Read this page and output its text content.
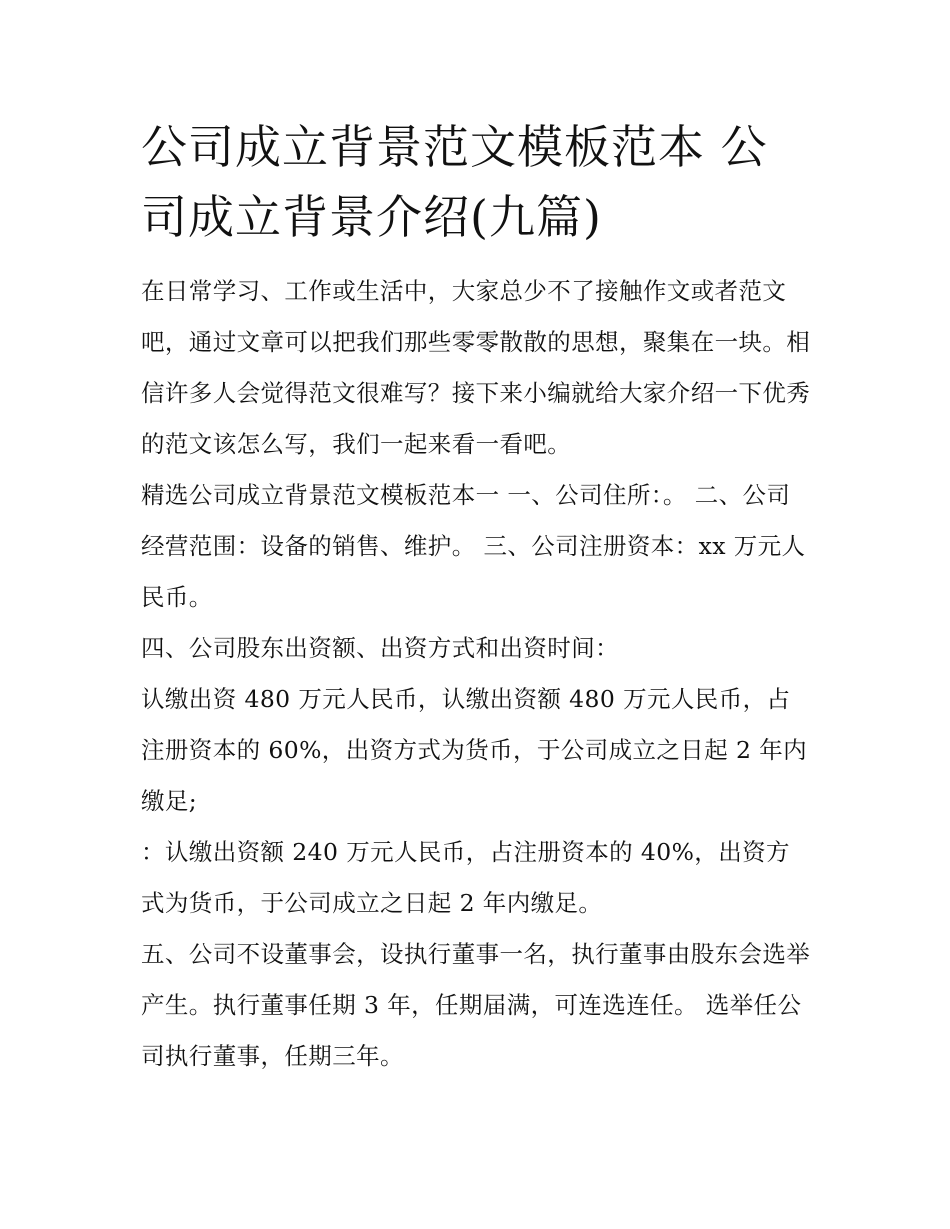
公司成立背景范文模板范本 公司成立背景介绍(九篇)

在日常学习、工作或生活中，大家总少不了接触作文或者范文吧，通过文章可以把我们那些零零散散的思想，聚集在一块。相信许多人会觉得范文很难写？接下来小编就给大家介绍一下优秀的范文该怎么写，我们一起来看一看吧。

精选公司成立背景范文模板范本一 一、公司住所：。 二、公司经营范围：设备的销售、维护。 三、公司注册资本：xx 万元人民币。

四、公司股东出资额、出资方式和出资时间：

认缴出资 480 万元人民币，认缴出资额 480 万元人民币，占注册资本的 60%，出资方式为货币，于公司成立之日起 2 年内缴足;

：认缴出资额 240 万元人民币，占注册资本的 40%，出资方式为货币，于公司成立之日起 2 年内缴足。

五、公司不设董事会，设执行董事一名，执行董事由股东会选举产生。执行董事任期 3 年，任期届满，可连选连任。 选举任公司执行董事，任期三年。
